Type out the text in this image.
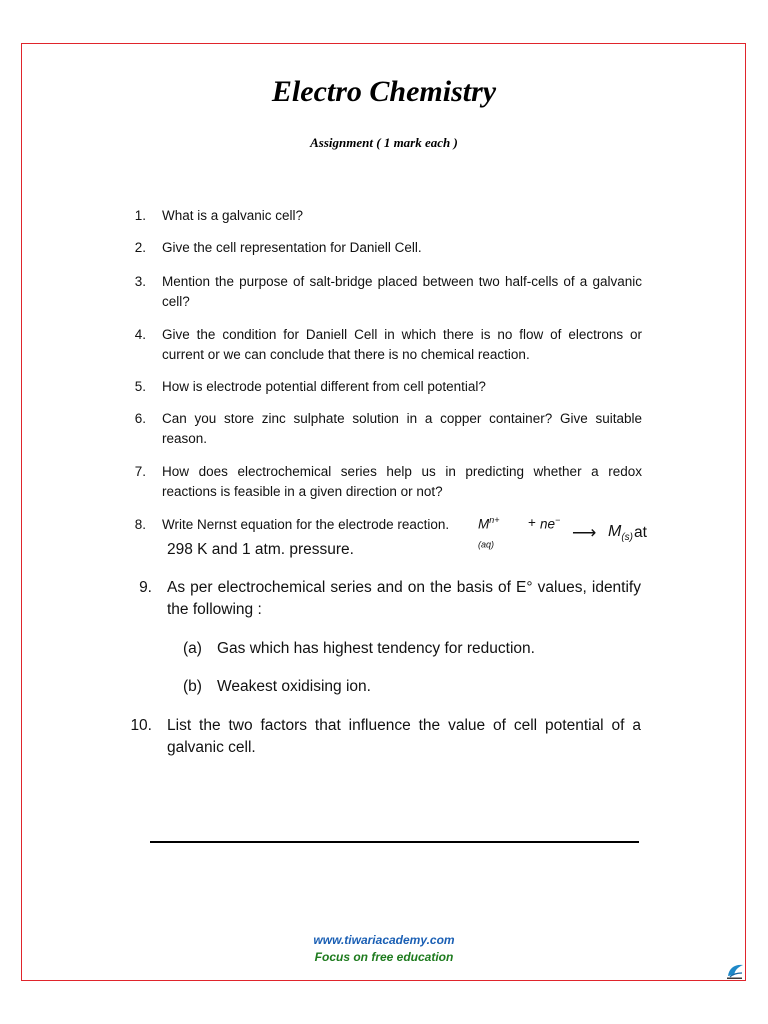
Electro Chemistry
Assignment ( 1 mark each )
1. What is a galvanic cell?
2. Give the cell representation for Daniell Cell.
3. Mention the purpose of salt-bridge placed between two half-cells of a galvanic cell?
4. Give the condition for Daniell Cell in which there is no flow of electrons or current or we can conclude that there is no chemical reaction.
5. How is electrode potential different from cell potential?
6. Can you store zinc sulphate solution in a copper container? Give suitable reason.
7. How does electrochemical series help us in predicting whether a redox reactions is feasible in a given direction or not?
8. Write Nernst equation for the electrode reaction.	$M^{n+}_{(aq)}$
+ ne−
⟶ $M_{(s)}$ at
298 K and 1 atm. pressure.
9. As per electrochemical series and on the basis of E° values, identify the following :
(a) Gas which has highest tendency for reduction.
(b) Weakest oxidising ion.
10. List the two factors that influence the value of cell potential of a galvanic cell.
www.tiwariacademy.com
Focus on free education
